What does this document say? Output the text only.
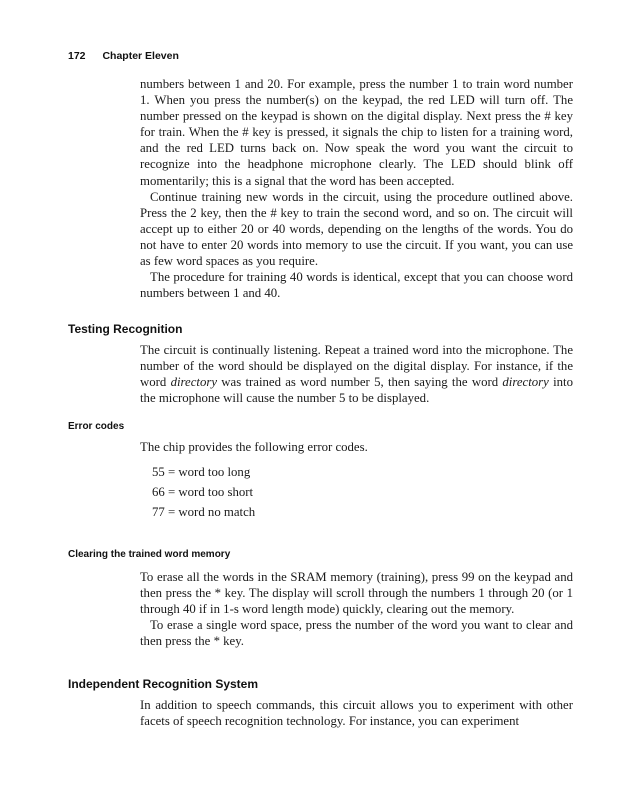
172 Chapter Eleven

numbers between 1 and 20. For example, press the number 1 to train word number 1. When you press the number(s) on the keypad, the red LED will turn off. The number pressed on the keypad is shown on the digital display. Next press the # key for train. When the # key is pressed, it signals the chip to listen for a training word, and the red LED turns back on. Now speak the word you want the circuit to recognize into the headphone microphone clearly. The LED should blink off momentarily; this is a signal that the word has been accepted.

Continue training new words in the circuit, using the procedure outlined above. Press the 2 key, then the # key to train the second word, and so on. The circuit will accept up to either 20 or 40 words, depending on the lengths of the words. You do not have to enter 20 words into memory to use the circuit. If you want, you can use as few word spaces as you require.

The procedure for training 40 words is identical, except that you can choose word numbers between 1 and 40.

Testing Recognition

The circuit is continually listening. Repeat a trained word into the microphone. The number of the word should be displayed on the digital display. For instance, if the word directory was trained as word number 5, then saying the word directory into the microphone will cause the number 5 to be displayed.

Error codes

The chip provides the following error codes.

55 = word too long
66 = word too short
77 = word no match
Clearing the trained word memory

To erase all the words in the SRAM memory (training), press 99 on the keypad and then press the * key. The display will scroll through the numbers 1 through 20 (or 1 through 40 if in 1-s word length mode) quickly, clearing out the memory.

To erase a single word space, press the number of the word you want to clear and then press the * key.

Independent Recognition System

In addition to speech commands, this circuit allows you to experiment with other facets of speech recognition technology. For instance, you can experiment
